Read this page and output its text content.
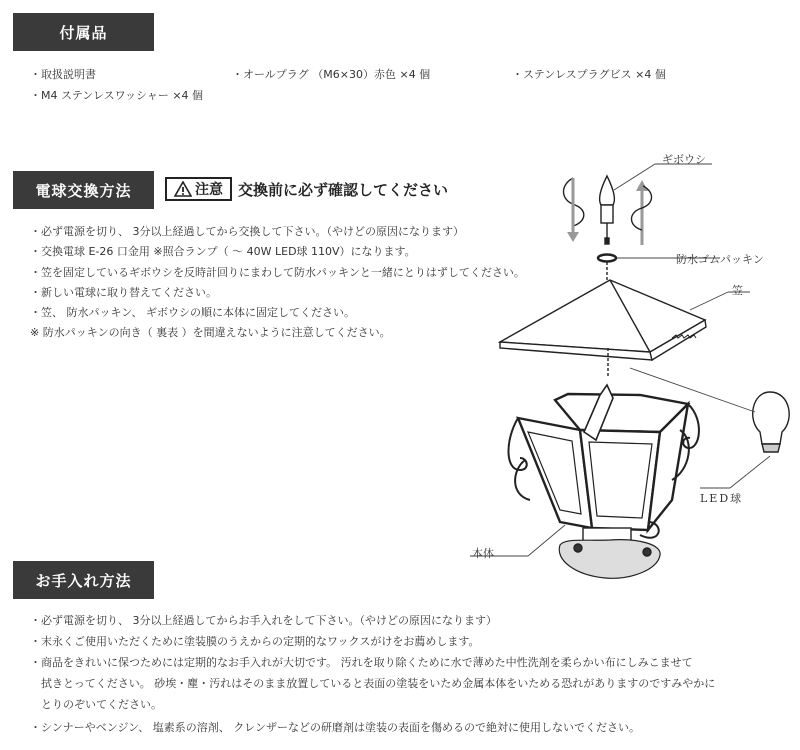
付属品
・取扱説明書	・オールプラグ （M6×30）赤色 ×4 個	・ステンレスプラグビス ×4 個
・M4 ステンレスワッシャー ×4 個
電球交換方法	注意 交換前に必ず確認してください
・必ず電源を切り、 3分以上経過してから交換して下さい。（やけどの原因になります）
・交換電球 E-26 口金用 ※照合ランプ（ ～ 40W LED球 110V）になります。
・笠を固定しているギボウシを反時計回りにまわして防水パッキンと一緒にとりはずしてください。
・新しい電球に取り替えてください。
・笠、 防水パッキン、 ギボウシの順に本体に固定してください。
※ 防水パッキンの向き（ 裏表 ）を間違えないように注意してください。
ギボウシ
防水ゴムパッキン
笠
LED球
本体
お手入れ方法
・必ず電源を切り、 3分以上経過してからお手入れをして下さい。（やけどの原因になります）
・末永くご使用いただくために塗装膜のうえからの定期的なワックスがけをお薦めします。
・商品をきれいに保つためには定期的なお手入れが大切です。 汚れを取り除くために水で薄めた中性洗剤を柔らかい布にしみこませて
　拭きとってください。 砂埃・塵・汚れはそのまま放置していると表面の塗装をいため金属本体をいためる恐れがありますのですみやかに
　とりのぞいてください。
・シンナーやベンジン、 塩素系の溶剤、 クレンザーなどの研磨剤は塗装の表面を傷めるので絶対に使用しないでください。
